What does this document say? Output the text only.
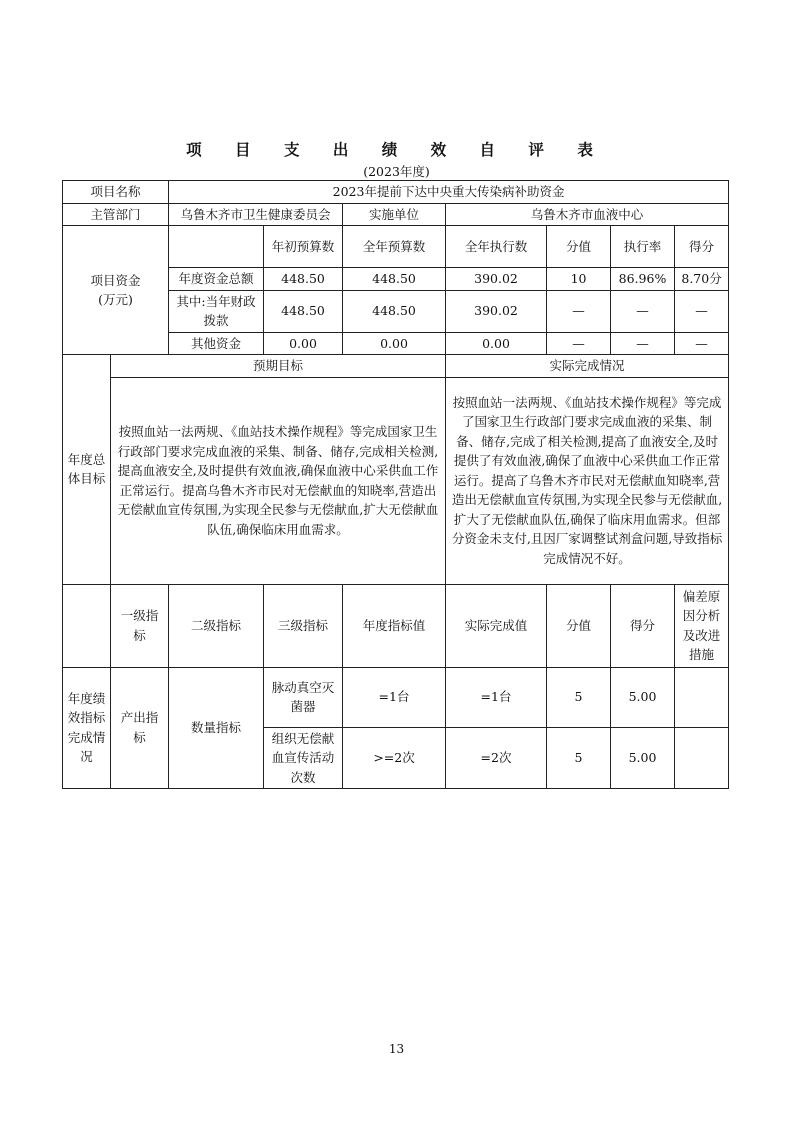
项 目 支 出 绩 效 自 评 表
(2023年度)
项目名称		2023年提前下达中央重大传染病补助资金						
主管部门		乌鲁木齐市卫生健康委员会		实施单位	乌鲁木齐市血液中心			
项目资金
(万元)			年初预算数	全年预算数	全年执行数	分值	执行率	得分
		年度资金总额	448.50	448.50	390.02	10	86.96%	8.70分
		其中:当年财政拨款	448.50	448.50	390.02	—	—	—
		其他资金	0.00	0.00	0.00	—	—	—
年度总体目标	预期目标				实际完成情况			
	按照血站一法两规、《血站技术操作规程》等完成国家卫生行政部门要求完成血液的采集、制备、储存,完成相关检测,提高血液安全,及时提供有效血液,确保血液中心采供血工作正常运行。提高乌鲁木齐市民对无偿献血的知晓率,营造出无偿献血宣传氛围,为实现全民参与无偿献血,扩大无偿献血队伍,确保临床用血需求。				按照血站一法两规、《血站技术操作规程》等完成了国家卫生行政部门要求完成血液的采集、制备、储存,完成了相关检测,提高了血液安全,及时提供了有效血液,确保了血液中心采供血工作正常运行。提高了乌鲁木齐市民对无偿献血知晓率,营造出无偿献血宣传氛围,为实现全民参与无偿献血,扩大了无偿献血队伍,确保了临床用血需求。但部分资金未支付,且因厂家调整试剂盒问题,导致指标完成情况不好。			
	一级指标	二级指标	三级指标	年度指标值	实际完成值	分值	得分	偏差原因分析及改进措施
年度绩效指标完成情况	产出指标	数量指标	脉动真空灭菌器	=1台	=1台	5	5.00	
			组织无偿献血宣传活动次数	>=2次	=2次	5	5.00	
13
